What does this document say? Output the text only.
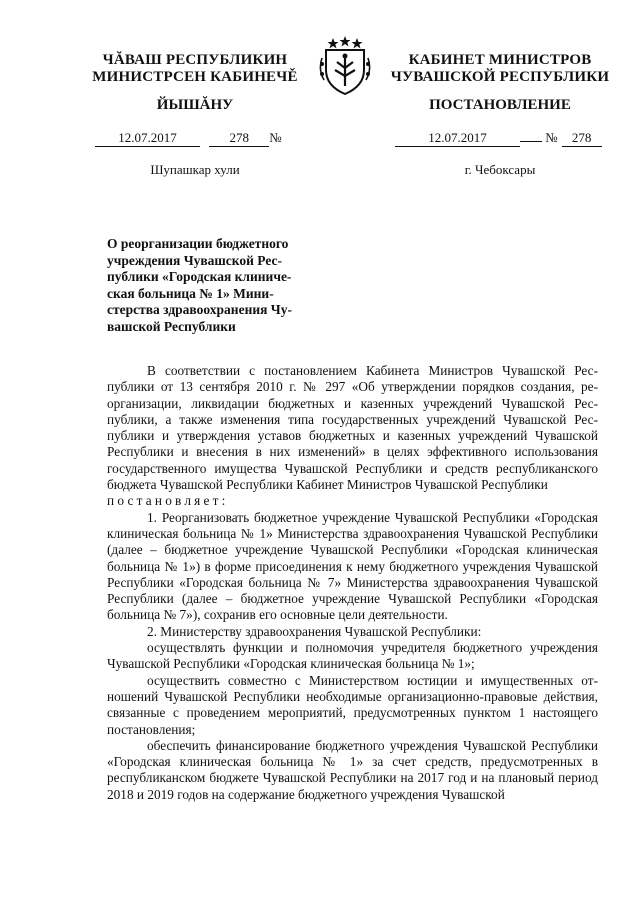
ЧĂВАШ РЕСПУБЛИКИН
МИНИСТРСЕН КАБИНЕЧĚ
ЙЫШĂНУ
12.07.2017	278 №
Шупашкар хули
КАБИНЕТ МИНИСТРОВ
ЧУВАШСКОЙ РЕСПУБЛИКИ
ПОСТАНОВЛЕНИЕ
12.07.2017	№ 278
г. Чебоксары
О реорганизации бюджетного
учреждения Чувашской Рес-
публики «Городская клиниче-
ская больница № 1» Мини-
стерства здравоохранения Чу-
вашской Республики

В соответствии с постановлением Кабинета Министров Чувашской Республики от 13 сентября 2010 г. № 297 «Об утверждении порядков создания, реорганизации, ликвидации бюджетных и казенных учреждений Чувашской Республики, а также изменения типа государственных учреждений Чувашской Республики и утверждения уставов бюджетных и казенных учреждений Чувашской Республики и внесения в них изменений» в целях эффективного использования государственного имущества Чувашской Республики и средств республиканского бюджета Чувашской Республики Кабинет Министров Чувашской Республики

постановляет:

1. Реорганизовать бюджетное учреждение Чувашской Республики «Городская клиническая больница № 1» Министерства здравоохранения Чувашской Республики (далее – бюджетное учреждение Чувашской Республики «Городская клиническая больница № 1») в форме присоединения к нему бюджетного учреждения Чувашской Республики «Городская больница № 7» Министерства здравоохранения Чувашской Республики (далее – бюджетное учреждение Чувашской Республики «Городская больница № 7»), сохранив его основные цели деятельности.

2. Министерству здравоохранения Чувашской Республики:

осуществлять функции и полномочия учредителя бюджетного учреждения Чувашской Республики «Городская клиническая больница № 1»;

осуществить совместно с Министерством юстиции и имущественных отношений Чувашской Республики необходимые организационно-правовые действия, связанные с проведением мероприятий, предусмотренных пунктом 1 настоящего постановления;

обеспечить финансирование бюджетного учреждения Чувашской Республики «Городская клиническая больница № 1» за счет средств, предусмотренных в республиканском бюджете Чувашской Республики на 2017 год и на плановый период 2018 и 2019 годов на содержание бюджетного учреждения Чувашской
